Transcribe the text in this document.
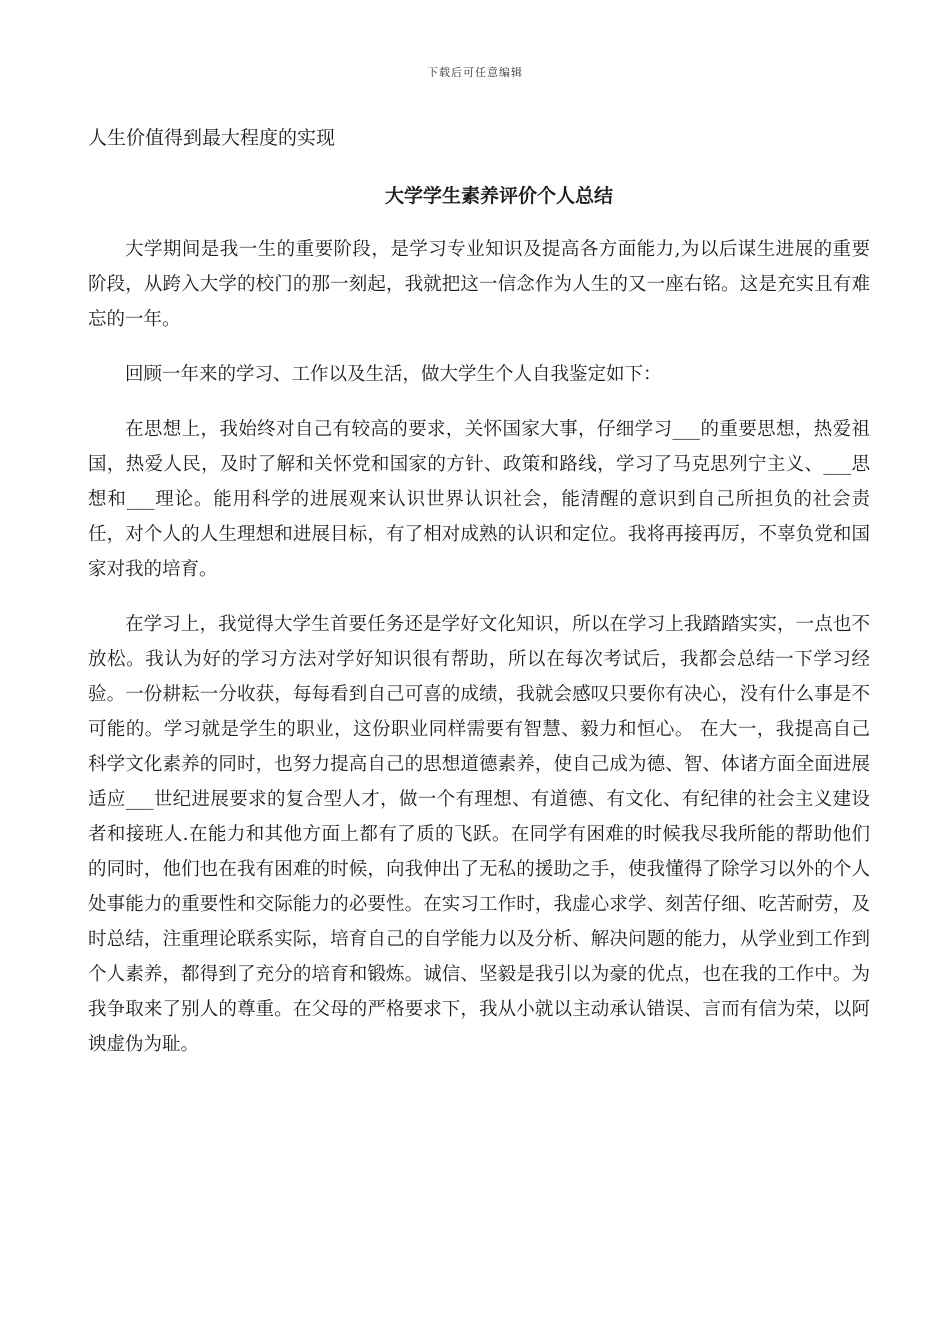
下载后可任意编辑

人生价值得到最大程度的实现

大学学生素养评价个人总结

大学期间是我一生的重要阶段，是学习专业知识及提高各方面能力,为以后谋生进展的重要阶段，从跨入大学的校门的那一刻起，我就把这一信念作为人生的又一座右铭。这是充实且有难忘的一年。

回顾一年来的学习、工作以及生活，做大学生个人自我鉴定如下：

在思想上，我始终对自己有较高的要求，关怀国家大事，仔细学习___的重要思想，热爱祖国，热爱人民，及时了解和关怀党和国家的方针、政策和路线，学习了马克思列宁主义、___思想和___理论。能用科学的进展观来认识世界认识社会，能清醒的意识到自己所担负的社会责任，对个人的人生理想和进展目标，有了相对成熟的认识和定位。我将再接再厉，不辜负党和国家对我的培育。

在学习上，我觉得大学生首要任务还是学好文化知识，所以在学习上我踏踏实实，一点也不放松。我认为好的学习方法对学好知识很有帮助，所以在每次考试后，我都会总结一下学习经验。一份耕耘一分收获，每每看到自己可喜的成绩，我就会感叹只要你有决心，没有什么事是不可能的。学习就是学生的职业，这份职业同样需要有智慧、毅力和恒心。 在大一，我提高自己科学文化素养的同时，也努力提高自己的思想道德素养，使自己成为德、智、体诸方面全面进展适应___世纪进展要求的复合型人才，做一个有理想、有道德、有文化、有纪律的社会主义建设者和接班人.在能力和其他方面上都有了质的飞跃。在同学有困难的时候我尽我所能的帮助他们的同时，他们也在我有困难的时候，向我伸出了无私的援助之手，使我懂得了除学习以外的个人处事能力的重要性和交际能力的必要性。在实习工作时，我虚心求学、刻苦仔细、吃苦耐劳，及时总结，注重理论联系实际，培育自己的自学能力以及分析、解决问题的能力，从学业到工作到个人素养，都得到了充分的培育和锻炼。诚信、坚毅是我引以为豪的优点，也在我的工作中。为我争取来了别人的尊重。在父母的严格要求下，我从小就以主动承认错误、言而有信为荣，以阿谀虚伪为耻。
